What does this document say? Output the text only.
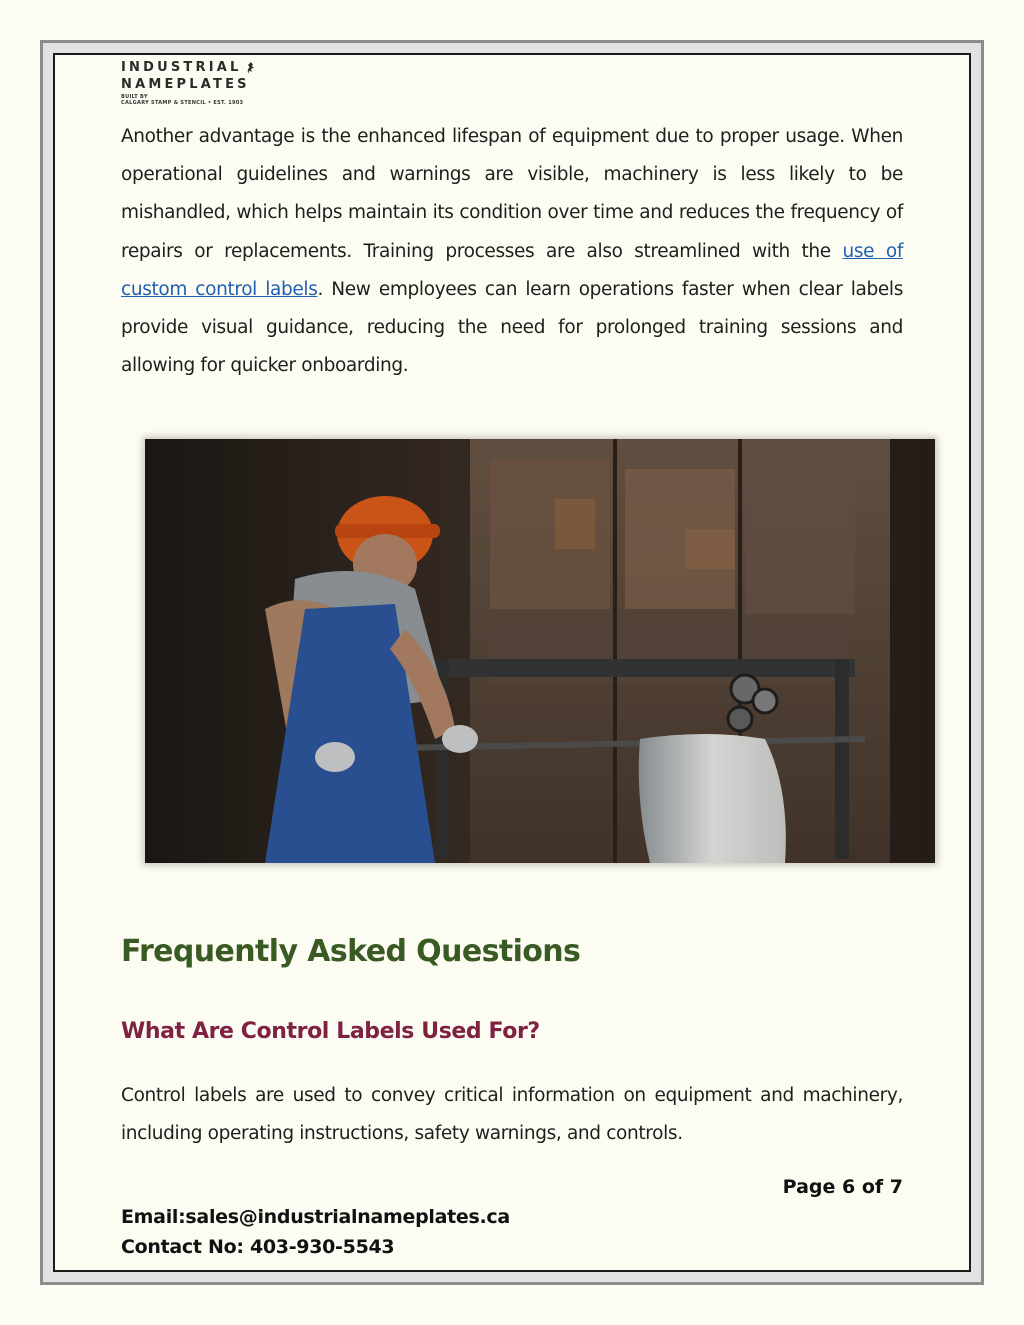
INDUSTRIAL
NAMEPLATES
BUILT BY
CALGARY STAMP & STENCIL • EST. 1903

Another advantage is the enhanced lifespan of equipment due to proper usage. When operational guidelines and warnings are visible, machinery is less likely to be mishandled, which helps maintain its condition over time and reduces the frequency of repairs or replacements. Training processes are also streamlined with the use of custom control labels. New employees can learn operations faster when clear labels provide visual guidance, reducing the need for prolonged training sessions and allowing for quicker onboarding.

Frequently Asked Questions
What Are Control Labels Used For?

Control labels are used to convey critical information on equipment and machinery, including operating instructions, safety warnings, and controls.

Page 6 of 7
Email:sales@industrialnameplates.ca
Contact No: 403-930-5543
